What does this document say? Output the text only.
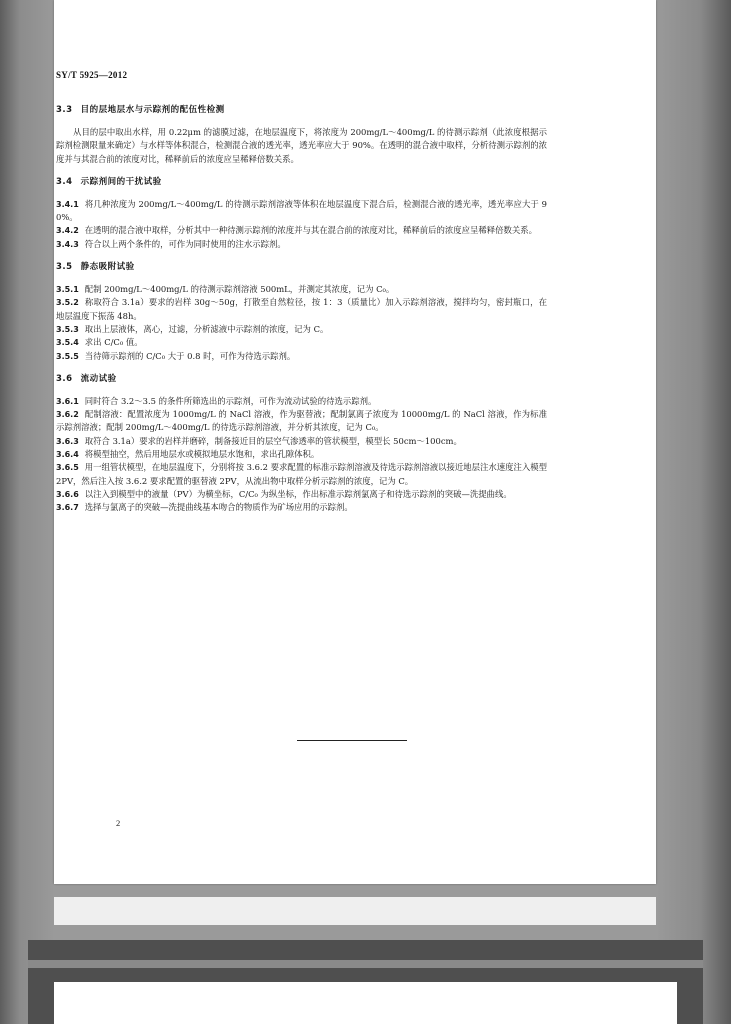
SY/T 5925—2012
3.3 目的层地层水与示踪剂的配伍性检测
从目的层中取出水样，用 0.22μm 的滤膜过滤，在地层温度下，将浓度为 200mg/L～400mg/L 的待测示踪剂（此浓度根据示踪剂检测限量来确定）与水样等体积混合，检测混合液的透光率，透光率应大于 90%。在透明的混合液中取样，分析待测示踪剂的浓度并与其混合前的浓度对比，稀释前后的浓度应呈稀释倍数关系。
3.4 示踪剂间的干扰试验
3.4.1 将几种浓度为 200mg/L～400mg/L 的待测示踪剂溶液等体积在地层温度下混合后，检测混合液的透光率，透光率应大于 90%。
3.4.2 在透明的混合液中取样，分析其中一种待测示踪剂的浓度并与其在混合前的浓度对比，稀释前后的浓度应呈稀释倍数关系。
3.4.3 符合以上两个条件的，可作为同时使用的注水示踪剂。
3.5 静态吸附试验
3.5.1 配制 200mg/L～400mg/L 的待测示踪剂溶液 500mL，并测定其浓度，记为 C₀。
3.5.2 称取符合 3.1a）要求的岩样 30g～50g，打散至自然粒径，按 1：3（质量比）加入示踪剂溶液，搅拌均匀，密封瓶口，在地层温度下振荡 48h。
3.5.3 取出上层液体，离心，过滤，分析滤液中示踪剂的浓度，记为 C。
3.5.4 求出 C/C₀ 值。
3.5.5 当待筛示踪剂的 C/C₀ 大于 0.8 时，可作为待选示踪剂。
3.6 流动试验
3.6.1 同时符合 3.2～3.5 的条件所筛选出的示踪剂，可作为流动试验的待选示踪剂。
3.6.2 配制溶液：配置浓度为 1000mg/L 的 NaCl 溶液，作为驱替液；配制氯离子浓度为 10000mg/L 的 NaCl 溶液，作为标准示踪剂溶液；配制 200mg/L～400mg/L 的待选示踪剂溶液，并分析其浓度，记为 C₀。
3.6.3 取符合 3.1a）要求的岩样并磨碎，制备接近目的层空气渗透率的管状模型，模型长 50cm～100cm。
3.6.4 将模型抽空，然后用地层水或模拟地层水饱和，求出孔隙体积。
3.6.5 用一组管状模型，在地层温度下，分别将按 3.6.2 要求配置的标准示踪剂溶液及待选示踪剂溶液以接近地层注水速度注入模型 2PV，然后注入按 3.6.2 要求配置的驱替液 2PV，从流出物中取样分析示踪剂的浓度，记为 C。
3.6.6 以注入到模型中的液量（PV）为横坐标，C/C₀ 为纵坐标，作出标准示踪剂氯离子和待选示踪剂的突破—洗提曲线。
3.6.7 选择与氯离子的突破—洗提曲线基本吻合的物质作为矿场应用的示踪剂。
2
